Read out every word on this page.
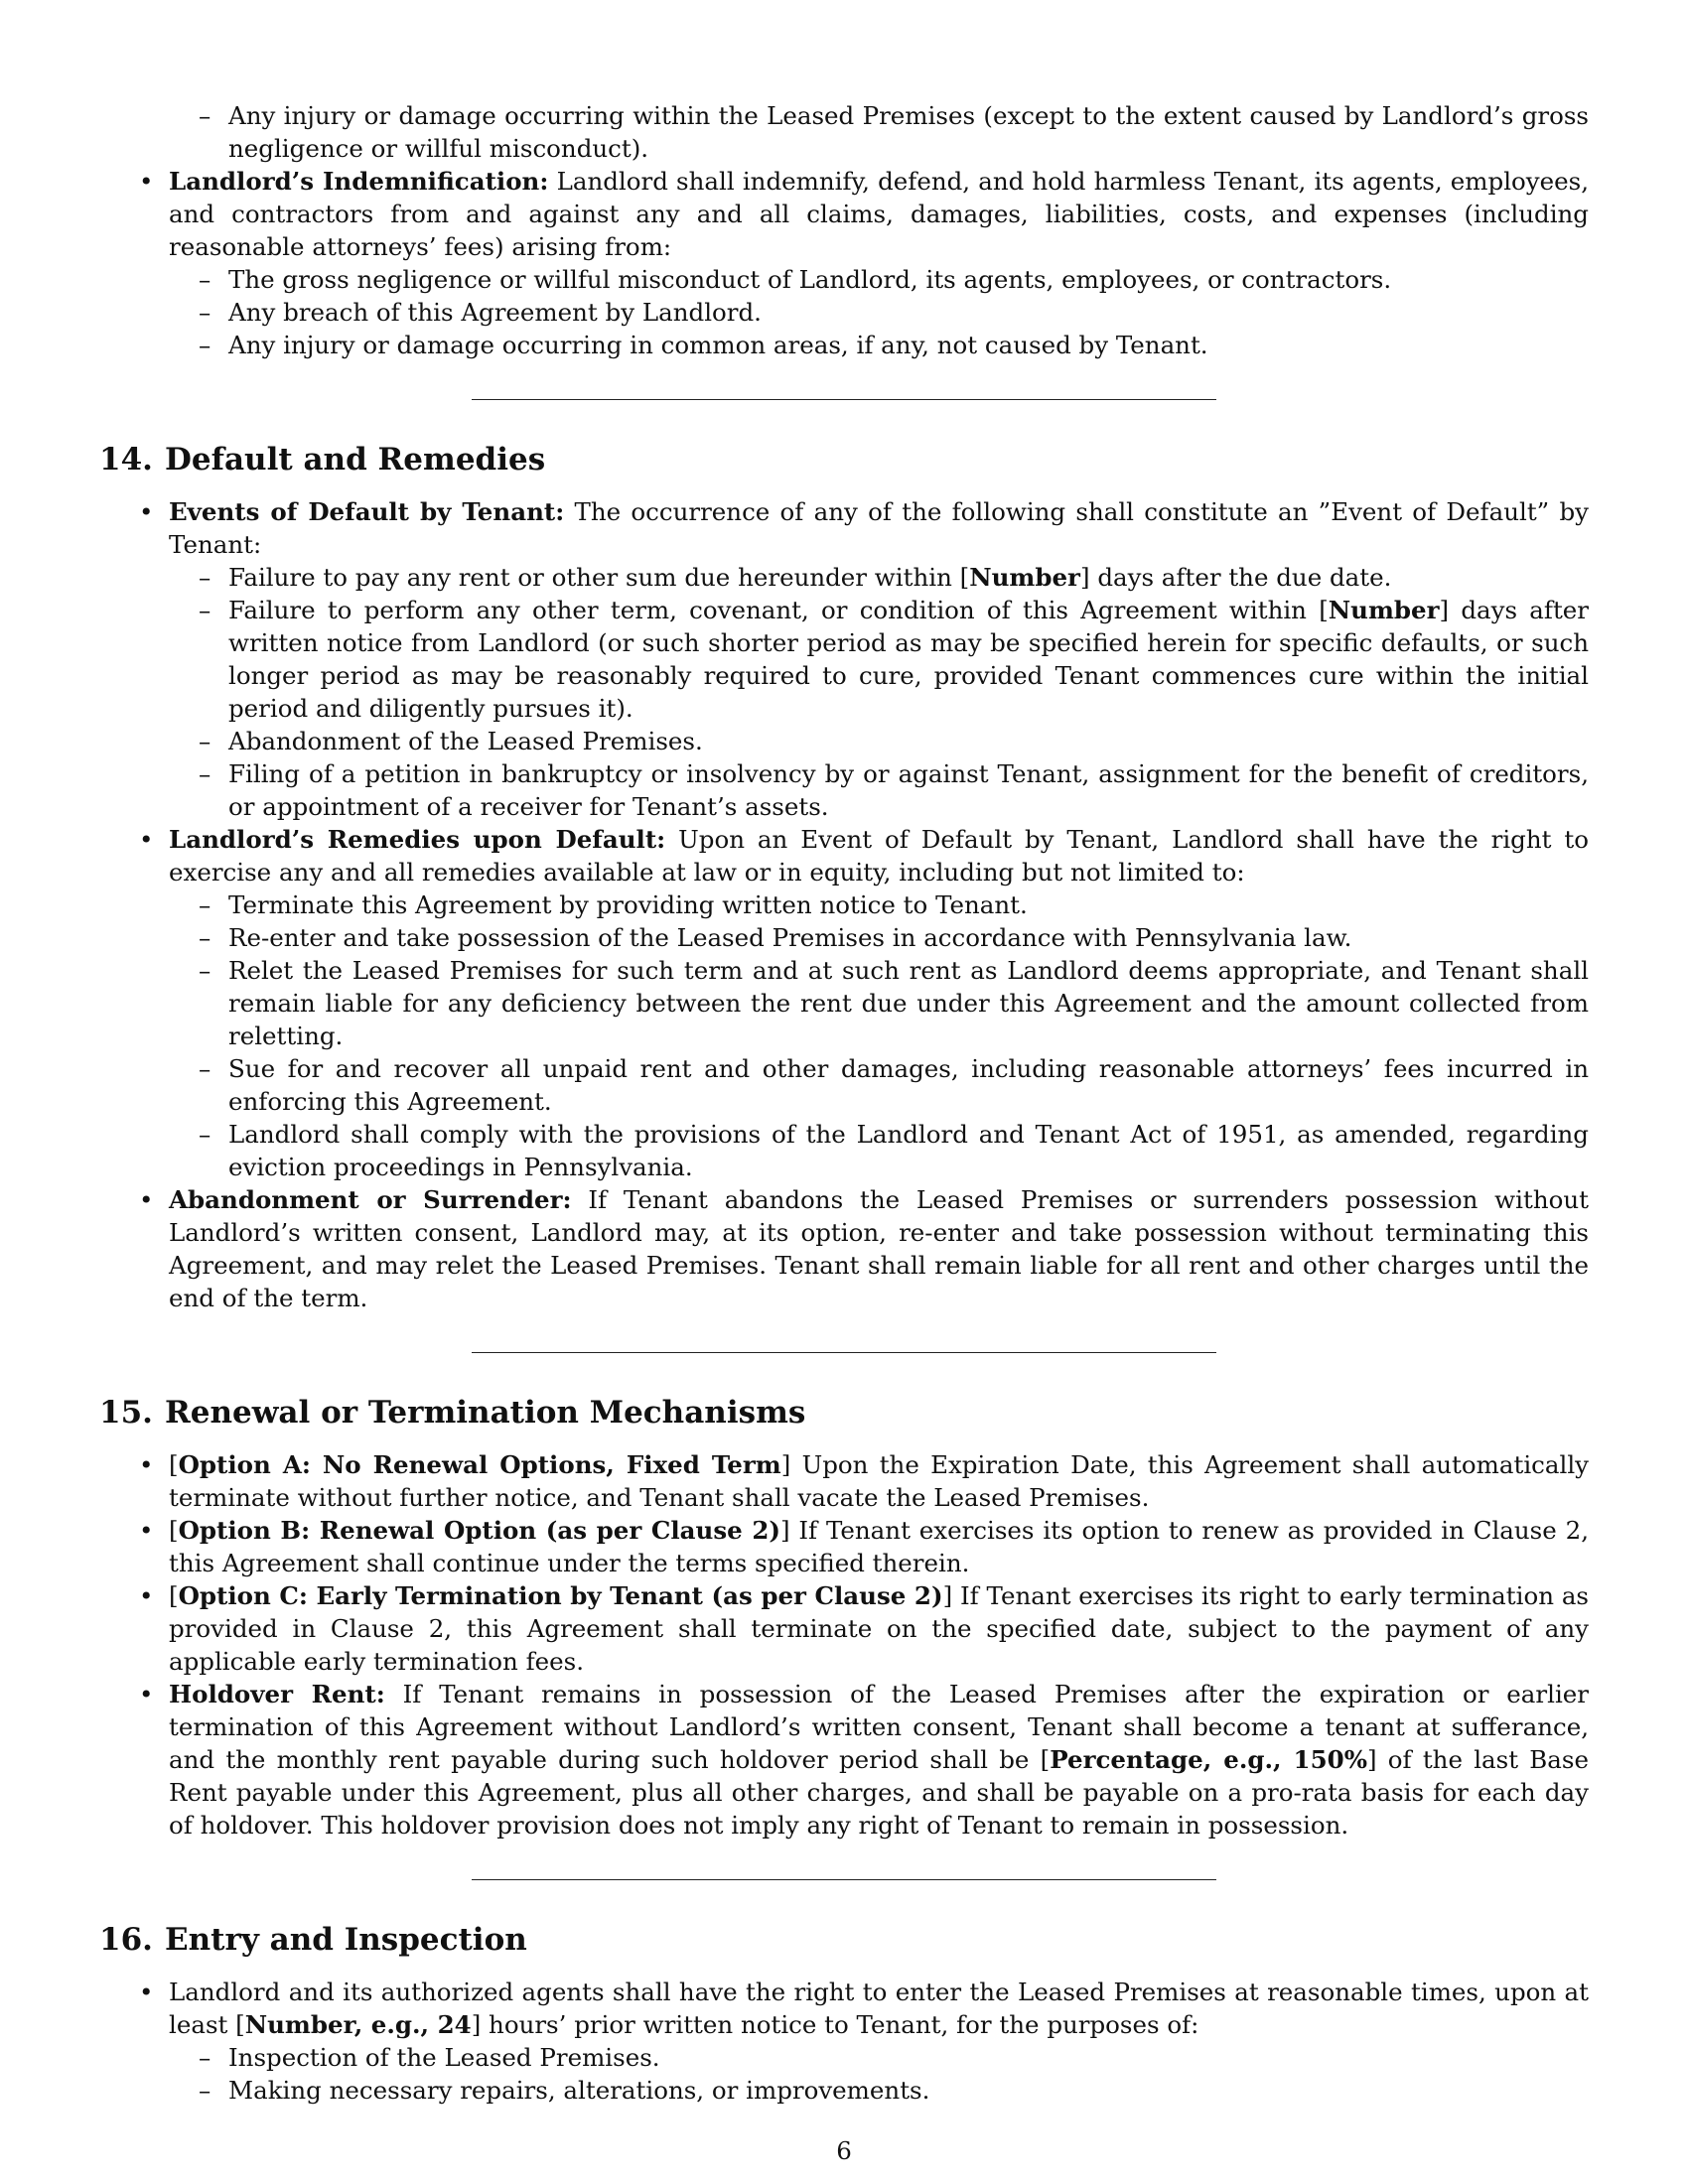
– Any injury or damage occurring within the Leased Premises (except to the extent caused by Landlord’s gross negligence or willful misconduct).
• Landlord’s Indemnification: Landlord shall indemnify, defend, and hold harmless Tenant, its agents, employees, and contractors from and against any and all claims, damages, liabilities, costs, and expenses (including reasonable attorneys’ fees) arising from:
– The gross negligence or willful misconduct of Landlord, its agents, employees, or contractors.
– Any breach of this Agreement by Landlord.
– Any injury or damage occurring in common areas, if any, not caused by Tenant.
14. Default and Remedies
• Events of Default by Tenant: The occurrence of any of the following shall constitute an ”Event of Default” by Tenant:
– Failure to pay any rent or other sum due hereunder within [Number] days after the due date.
– Failure to perform any other term, covenant, or condition of this Agreement within [Number] days after written notice from Landlord (or such shorter period as may be specified herein for specific defaults, or such longer period as may be reasonably required to cure, provided Tenant commences cure within the initial period and diligently pursues it).
– Abandonment of the Leased Premises.
– Filing of a petition in bankruptcy or insolvency by or against Tenant, assignment for the benefit of creditors, or appointment of a receiver for Tenant’s assets.
• Landlord’s Remedies upon Default: Upon an Event of Default by Tenant, Landlord shall have the right to exercise any and all remedies available at law or in equity, including but not limited to:
– Terminate this Agreement by providing written notice to Tenant.
– Re-enter and take possession of the Leased Premises in accordance with Pennsylvania law.
– Relet the Leased Premises for such term and at such rent as Landlord deems appropriate, and Tenant shall remain liable for any deficiency between the rent due under this Agreement and the amount collected from reletting.
– Sue for and recover all unpaid rent and other damages, including reasonable attorneys’ fees incurred in enforcing this Agreement.
– Landlord shall comply with the provisions of the Landlord and Tenant Act of 1951, as amended, regarding eviction proceedings in Pennsylvania.
• Abandonment or Surrender: If Tenant abandons the Leased Premises or surrenders possession without Landlord’s written consent, Landlord may, at its option, re-enter and take possession without terminating this Agreement, and may relet the Leased Premises. Tenant shall remain liable for all rent and other charges until the end of the term.
15. Renewal or Termination Mechanisms
• [Option A: No Renewal Options, Fixed Term] Upon the Expiration Date, this Agreement shall automatically terminate without further notice, and Tenant shall vacate the Leased Premises.
• [Option B: Renewal Option (as per Clause 2)] If Tenant exercises its option to renew as provided in Clause 2, this Agreement shall continue under the terms specified therein.
• [Option C: Early Termination by Tenant (as per Clause 2)] If Tenant exercises its right to early termination as provided in Clause 2, this Agreement shall terminate on the specified date, subject to the payment of any applicable early termination fees.
• Holdover Rent: If Tenant remains in possession of the Leased Premises after the expiration or earlier termination of this Agreement without Landlord’s written consent, Tenant shall become a tenant at sufferance, and the monthly rent payable during such holdover period shall be [Percentage, e.g., 150%] of the last Base Rent payable under this Agreement, plus all other charges, and shall be payable on a pro-rata basis for each day of holdover. This holdover provision does not imply any right of Tenant to remain in possession.
16. Entry and Inspection
• Landlord and its authorized agents shall have the right to enter the Leased Premises at reasonable times, upon at least [Number, e.g., 24] hours’ prior written notice to Tenant, for the purposes of:
– Inspection of the Leased Premises.
– Making necessary repairs, alterations, or improvements.
6
